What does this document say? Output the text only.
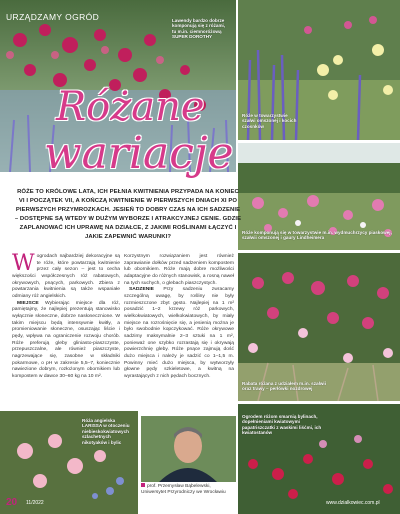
URZĄDZAMY OGRÓD
Różane
wariacje
Lawendy bardzo dobrze komponują się z różami, tu m.in. ciemnoróżową SUPER DOROTHY
Róże w towarzystwie szałwi omszonej i kocich czosnków
Róże komponują się w towarzystwie m.in. wydmuchrzycy piaskowej, szałwii omszonej i gaury Lindheimera
Rabata różana z udziałem m.in. szałwii oraz trawy – perłówki nozdrowej
Róża angielska LARISSA w otoczeniu niebieskokwiatowych szlachetnych nikotyaków i bylic
Ogrodem różom smarnią bylinach, dopełnieniami kwiatowymi papatriszczatki z waskimi liśćmi, ich kwiatostanów
prof. Przemysław Bąbelewski, Uniwersytet Przyrodniczy we Wrocławiu
RÓŻE TO KRÓLOWE LATA, ICH PEŁNIA KWITNIENIA PRZYPADA NA KONIEC VI I POCZĄTEK VII, A KOŃCZĄ KWITNIENIE W PIERWSZYCH DNIACH XI PO PIERWSZYCH PRZYMROZKACH. JESIEŃ TO DOBRY CZAS NA ICH SADZENIE – DOSTĘPNE SĄ WTEDY W DUŻYM WYBORZE I ATRAKCYJNEJ CENIE. GDZIE ZAPLANOWAĆ ICH UPRAWĘ NA DZIAŁCE, Z JAKIMI ROŚLINAMI ŁĄCZYĆ I JAKIE ZAPEWNIĆ WARUNKI?

Wogrodach najbardziej dekoracyjne są te róże, które powtarzają kwitnienie przez cały sezon – jest to cecha większości współczesnych róż rabatowych, okrywowych, pnących, parkowych. Zbiera z powtarzania kwitnienia są także wspaniałe odmiany róż angielskich.

MIEJSCE Wybierając miejsce dla róż, pamiętajmy, że najlepiej prezentują stanowisko wyłącznie słoneczne, dobrze nasłonecznione. W takim miejscu będą intensywnie kwitły, a promieniowanie słoneczne, osuszając liście i pędy, wpływa na ograniczenie rozwoju chorób. Róże preferują gleby gliniasto-piaszczyste, przepuszczalne, ale również piaszczyste, nagrzewające się, zasobne w składniki pokarmowe, o pH w zakresie 5,5–7, koniecznie nawiezione dobrym, rozłożonym obornikiem lub kompostem w dawce 30–60 kg na 10 m².

Korzystnym rozwiązaniem jest również zaprawianie dołków przed sadzeniem kompostem lub obornikiem. Róże mają dobre możliwości adaptacyjne do różnych stanowisk, a rosną naweł na tych suchych, o glebach piaszczystych.

SADZENIE Przy sadzeniu zwracamy szczególną uwagę, by rośliny nie były rozmieszczone zbyt gęsto. Najlepiej na 1 m² posadzić 1–2 krzewy róż parkowych, wielkokwiatowych, wielkokwiatowych, by miały miejsce na rozrośnięcie się, a jesienią można je było swobodnie kopczykować. Róże okrywowe sadzimy maksymalnie 2–3 sztuki na 1 m², ponieważ one szybko rozrastają się i okrywają powierzchnię gleby. Róże pnące zajmują dość dużo miejsca i należy je sadzić co 1–1,5 m. Powinny mieć dużo miejsca, by wytworzyły głowne pędy szkieletowe, a kwitną na wyrastających z nich pędach bocznych.

20 11/2022	www.dzialkowiec.com.pl
